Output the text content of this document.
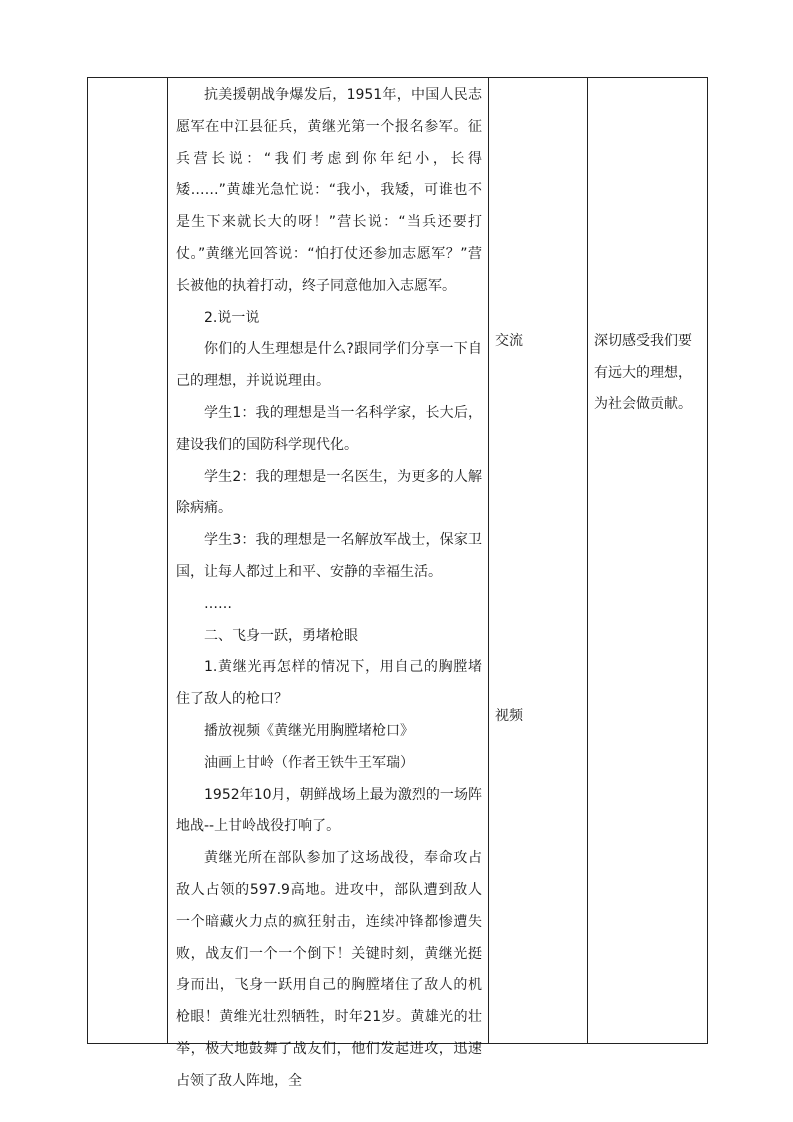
抗美援朝战争爆发后，1951年，中国人民志愿军在中江县征兵，黄继光第一个报名参军。征兵营长说：“我们考虑到你年纪小，长得矮……”黄雄光急忙说：“我小，我矮，可谁也不是生下来就长大的呀！”营长说：“当兵还要打仗。”黄继光回答说：“怕打仗还参加志愿军？”营长被他的执着打动，终子同意他加入志愿军。

2.说一说

你们的人生理想是什么?跟同学们分享一下自己的理想，并说说理由。

学生1：我的理想是当一名科学家，长大后，建设我们的国防科学现代化。

学生2：我的理想是一名医生，为更多的人解除病痛。

学生3：我的理想是一名解放军战士，保家卫国，让每人都过上和平、安静的幸福生活。

……

二、飞身一跃，勇堵枪眼

1.黄继光再怎样的情况下，用自己的胸膛堵住了敌人的枪口？

播放视频《黄继光用胸膛堵枪口》

油画上甘岭（作者王铁牛王军瑞）

1952年10月，朝鲜战场上最为激烈的一场阵地战--上甘岭战役打响了。

黄继光所在部队参加了这场战役，奉命攻占敌人占领的597.9高地。进攻中，部队遭到敌人一个暗藏火力点的疯狂射击，连续冲锋都惨遭失败，战友们一个一个倒下！关键时刻，黄继光挺身而出，飞身一跃用自己的胸膛堵住了敌人的机枪眼！黄维光壮烈牺牲，时年21岁。黄雄光的壮举，极大地鼓舞了战友们，他们发起进攻，迅速占领了敌人阵地，全

交流

视频

深切感受我们要有远大的理想，为社会做贡献。
